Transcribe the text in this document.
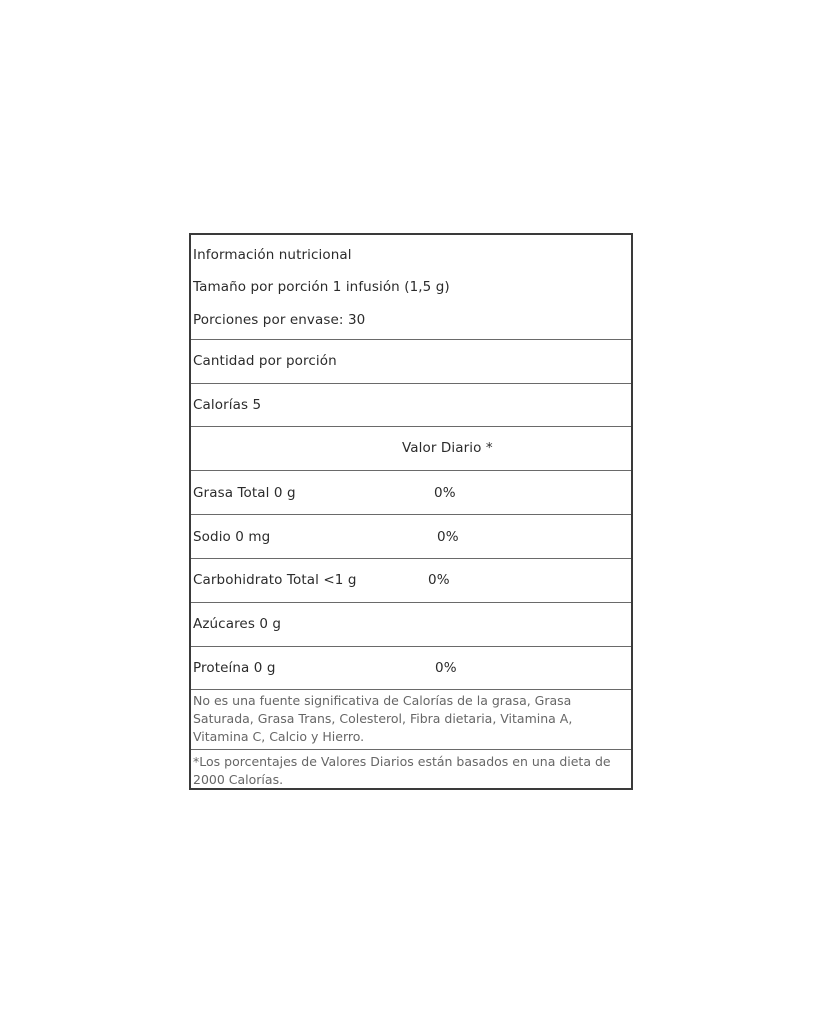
Información nutricional
Tamaño por porción 1 infusión (1,5 g)
Porciones por envase: 30
Cantidad por porción
Calorías 5
Valor Diario *
Grasa Total 0 g	0%
Sodio 0 mg	0%
Carbohidrato Total <1 g	0%
Azúcares 0 g
Proteína 0 g	0%
No es una fuente significativa de Calorías de la grasa, Grasa Saturada, Grasa Trans, Colesterol, Fibra dietaria, Vitamina A, Vitamina C, Calcio y Hierro.
*Los porcentajes de Valores Diarios están basados en una dieta de 2000 Calorías.
